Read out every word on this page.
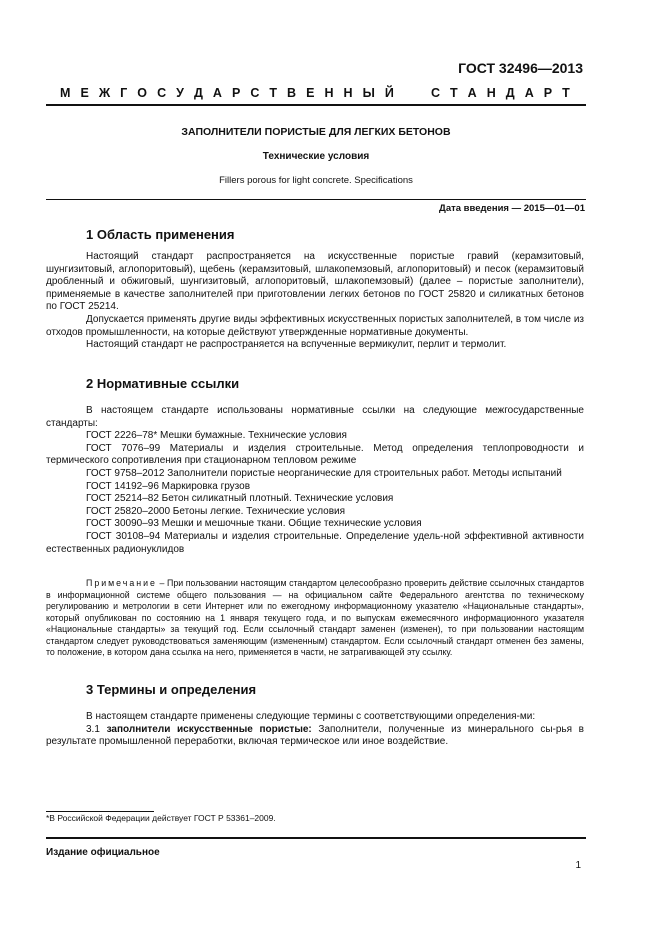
ГОСТ 32496—2013
М Е Ж Г О С У Д А Р С Т В Е Н Н Ы Й

	С Т А Н Д А Р Т
ЗАПОЛНИТЕЛИ ПОРИСТЫЕ ДЛЯ ЛЕГКИХ БЕТОНОВ
Технические условия
Fillers porous for light concrete. Specifications
Дата введения — 2015—01—01
1 Область применения

Настоящий стандарт распространяется на искусственные пористые гравий (керамзитовый, шунгизитовый, аглопоритовый), щебень (керамзитовый, шлакопемзовый, аглопоритовый) и песок (керамзитовый дробленный и обжиговый, шунгизитовый, аглопоритовый, шлакопемзовый) (далее – пористые заполнители), применяемые в качестве заполнителей при приготовлении легких бетонов по ГОСТ 25820 и силикатных бетонов по ГОСТ 25214.

Допускается применять другие виды эффективных искусственных пористых заполнителей, в том числе из отходов промышленности, на которые действуют утвержденные нормативные документы.

Настоящий стандарт не распространяется на вспученные вермикулит, перлит и термолит.

2 Нормативные ссылки

В настоящем стандарте использованы нормативные ссылки на следующие межгосударственные стандарты:

ГОСТ 2226–78* Мешки бумажные. Технические условия

ГОСТ 7076–99 Материалы и изделия строительные. Метод определения теплопроводности и термического сопротивления при стационарном тепловом режиме

ГОСТ 9758–2012 Заполнители пористые неорганические для строительных работ. Методы испытаний

ГОСТ 14192–96 Маркировка грузов

ГОСТ 25214–82 Бетон силикатный плотный. Технические условия

ГОСТ 25820–2000 Бетоны легкие. Технические условия

ГОСТ 30090–93 Мешки и мешочные ткани. Общие технические условия

ГОСТ 30108–94 Материалы и изделия строительные. Определение удель-ной эффективной активности естественных радионуклидов

Примечание – При пользовании настоящим стандартом целесообразно проверить действие ссылочных стандартов в информационной системе общего пользования — на официальном сайте Федерального агентства по техническому регулированию и метрологии в сети Интернет или по ежегодному информационному указателю «Национальные стандарты», который опубликован по состоянию на 1 января текущего года, и по выпускам ежемесячного информационного указателя «Национальные стандарты» за текущий год. Если ссылочный стандарт заменен (изменен), то при пользовании настоящим стандартом следует руководствоваться заменяющим (измененным) стандартом. Если ссылочный стандарт отменен без замены, то положение, в котором дана ссылка на него, применяется в части, не затрагивающей эту ссылку.
3 Термины и определения

В настоящем стандарте применены следующие термины с соответствующими определения-ми:

3.1 заполнители искусственные пористые: Заполнители, полученные из минерального сы-рья в результате промышленной переработки, включая термическое или иное воздействие.

*В Российской Федерации действует ГОСТ Р 53361–2009.
Издание официальное
1
